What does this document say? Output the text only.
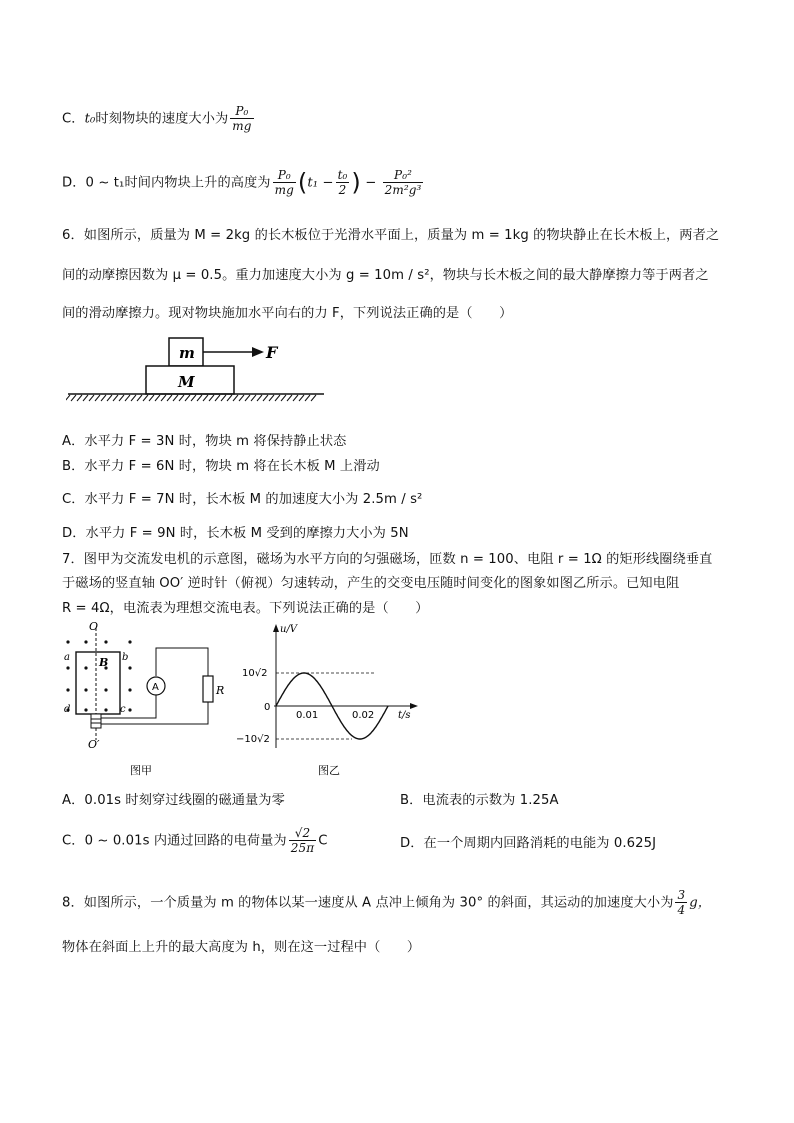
C．t₀时刻物块的速度大小为 $\frac{\text{P₀}}{mg}$
D．0 ~ t₁时间内物块上升的高度为 $\frac{\text{P₀}}{mg} (t_1 - \frac{\text{t₀}}{2}$ ) − $\frac{\text{P₀²}}{\text{2m²g³}}$
6．如图所示，质量为 M = 2kg 的长木板位于光滑水平面上，质量为 m = 1kg 的物块静止在长木板上，两者之
间的动摩擦因数为 μ = 0.5。重力加速度大小为 g = 10m / s²，物块与长木板之间的最大静摩擦力等于两者之
间的滑动摩擦力。现对物块施加水平向右的力 F，下列说法正确的是（　　）
m
M
F
A．水平力 F = 3N 时，物块 m 将保持静止状态
B．水平力 F = 6N 时，物块 m 将在长木板 M 上滑动
C．水平力 F = 7N 时，长木板 M 的加速度大小为 2.5m / s²
D．水平力 F = 9N 时，长木板 M 受到的摩擦力大小为 5N
7．图甲为交流发电机的示意图，磁场为水平方向的匀强磁场，匝数 n = 100、电阻 r = 1Ω 的矩形线圈绕垂直
于磁场的竖直轴 OO′ 逆时针（俯视）匀速转动，产生的交变电压随时间变化的图象如图乙所示。已知电阻
R = 4Ω，电流表为理想交流电表。下列说法正确的是（　　）
O
a	b
d	c
B
O′
A	R
图甲
u/V
t/s
10√2
−10√2
0
0.01	0.02
图乙
A．0.01s 时刻穿过线圈的磁通量为零	B．电流表的示数为 1.25A
C．0 ~ 0.01s 内通过回路的电荷量为 $\frac{√2}{25\pi}$ C	D．在一个周期内回路消耗的电能为 0.625J
8．如图所示，一个质量为 m 的物体以某一速度从 A 点冲上倾角为 30° 的斜面，其运动的加速度大小为 $\frac{3}{4}$ g，
物体在斜面上上升的最大高度为 h，则在这一过程中（　　）
